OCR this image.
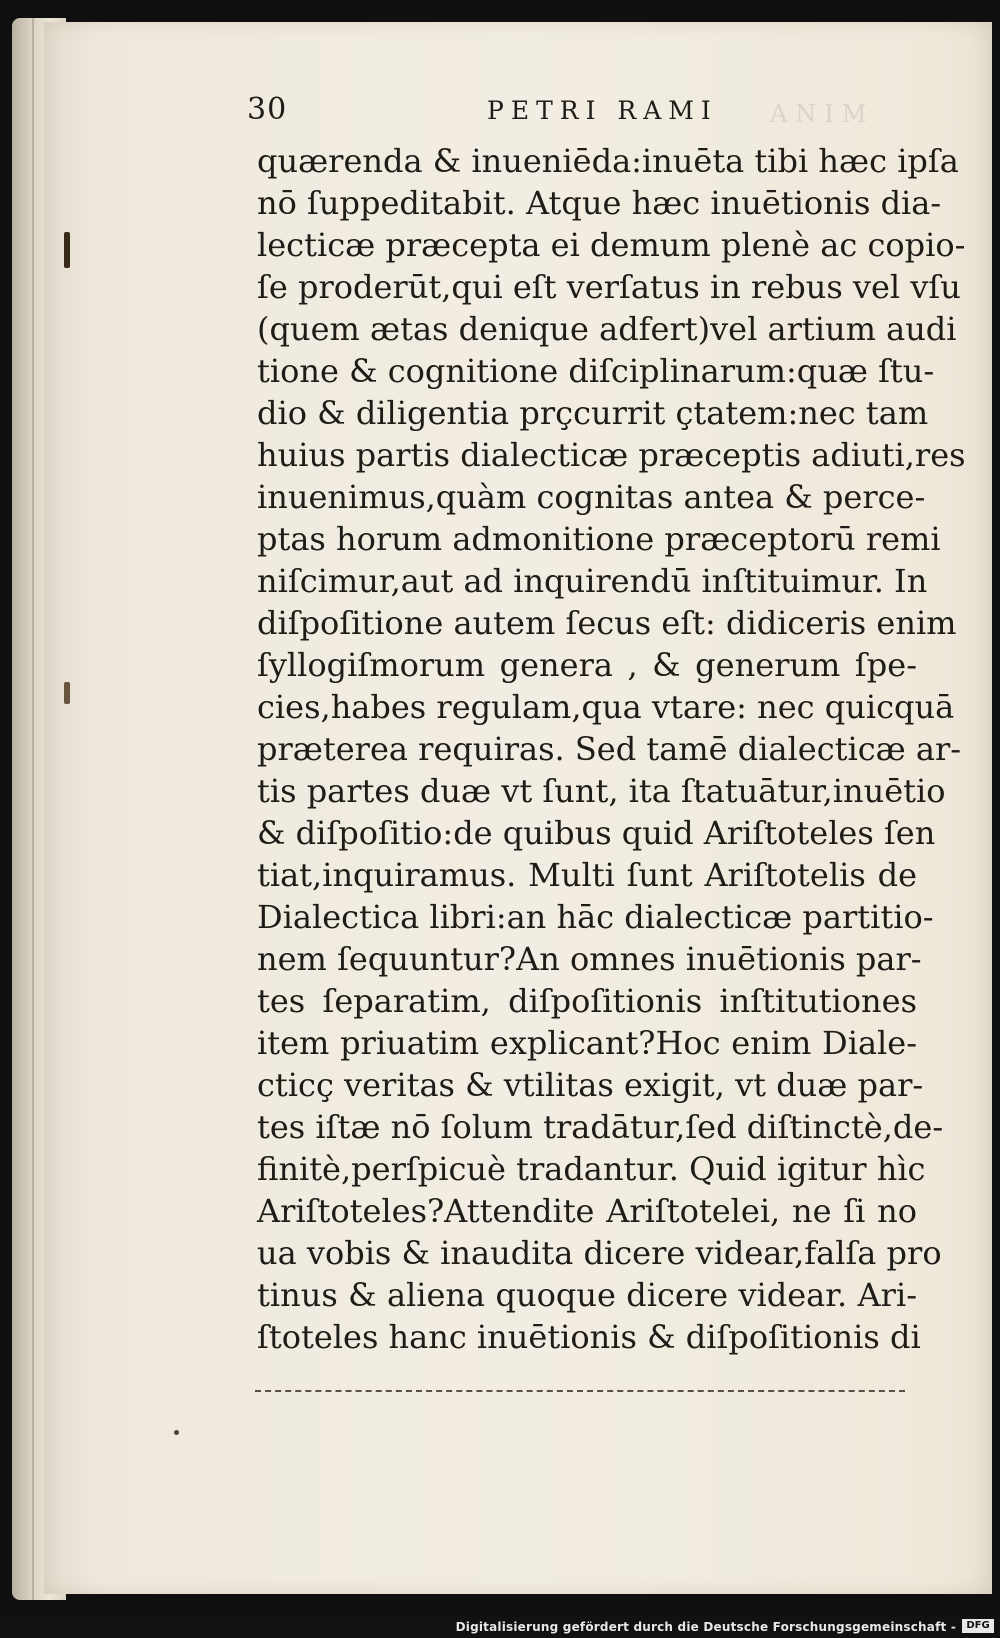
30	PETRI RAMI ANIM
quærenda & inueniēda:inuēta tibi hæc ipſa
nō ſuppeditabit. Atque hæc inuētionis dia-
lecticæ præcepta ei demum plenè ac copio-
ſe proderūt,qui eſt verſatus in rebus vel vſu
(quem ætas denique adfert)vel artium audi
tione & cognitione diſciplinarum:quæ ſtu-
dio & diligentia prçcurrit çtatem:nec tam
huius partis dialecticæ præceptis adiuti,res
inuenimus,quàm cognitas antea & perce-
ptas horum admonitione præceptorū remi
niſcimur,aut ad inquirendū inſtituimur. In
diſpoſitione autem ſecus eſt: didiceris enim
ſyllogiſmorum genera , & generum ſpe-
cies,habes regulam,qua vtare: nec quicquā
præterea requiras. Sed tamē dialecticæ ar-
tis partes duæ vt ſunt, ita ſtatuātur,inuētio
& diſpoſitio:de quibus quid Ariſtoteles ſen
tiat,inquiramus. Multi ſunt Ariſtotelis de
Dialectica libri:an hāc dialecticæ partitio-
nem ſequuntur?An omnes inuētionis par-
tes ſeparatim, diſpoſitionis inſtitutiones
item priuatim explicant?Hoc enim Diale-
cticç veritas & vtilitas exigit, vt duæ par-
tes iſtæ nō ſolum tradātur,ſed diſtinctè,de-
finitè,perſpicuè tradantur. Quid igitur hìc
Ariſtoteles?Attendite Ariſtotelei, ne ſi no
ua vobis & inaudita dicere videar,falſa pro
tinus & aliena quoque dicere videar. Ari-
ſtoteles hanc inuētionis & diſpoſitionis di
Digitalisierung gefördert durch die Deutsche Forschungsgemeinschaft -	DFG
